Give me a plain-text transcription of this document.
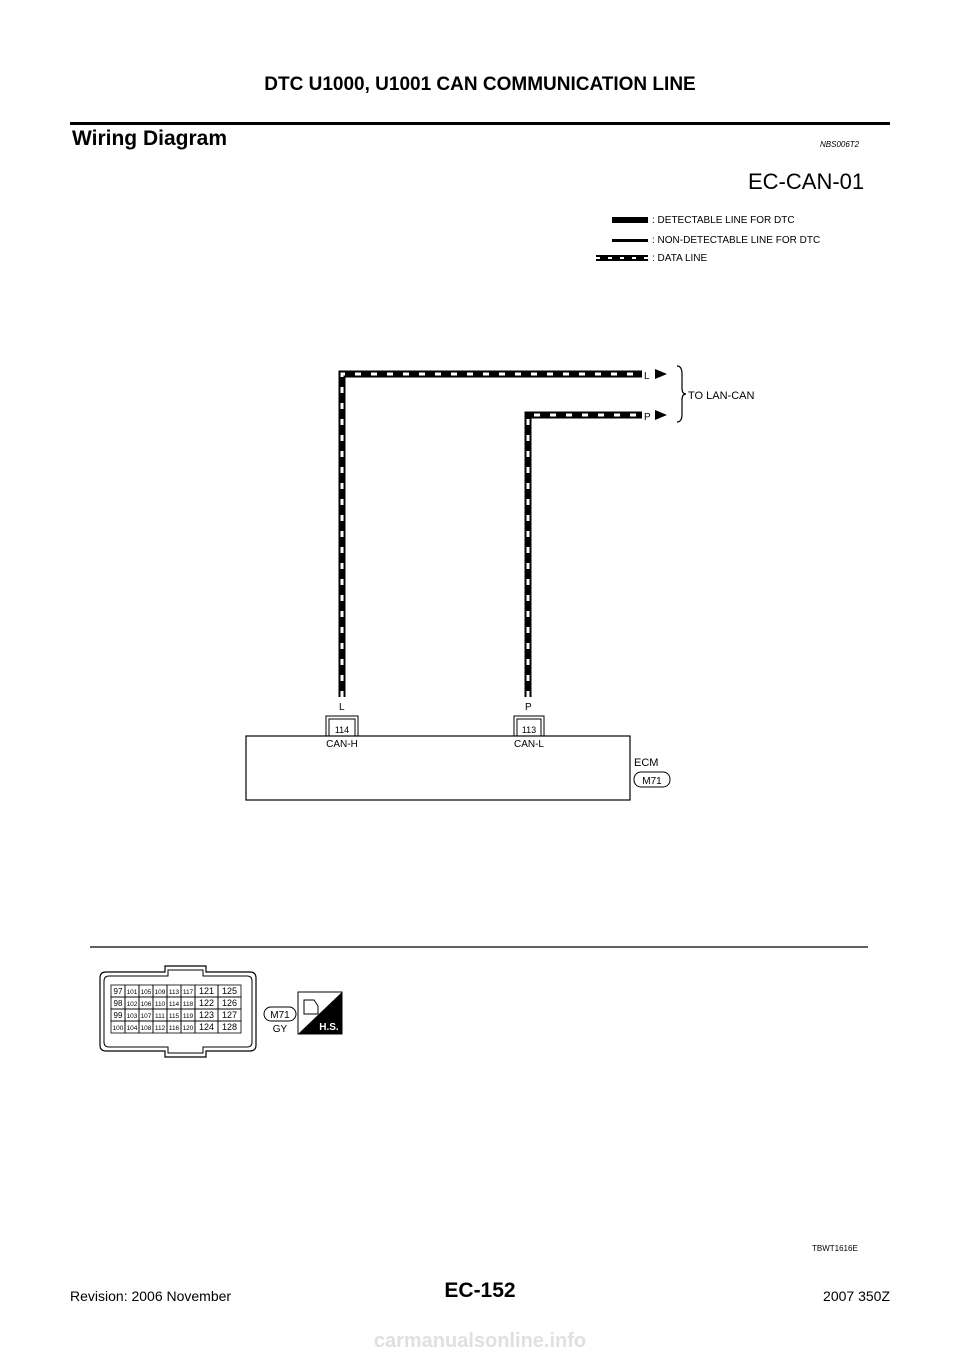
DTC U1000, U1001 CAN COMMUNICATION LINE
Wiring Diagram	NBS006T2
EC-CAN-01
: DETECTABLE LINE FOR DTC
: NON-DETECTABLE LINE FOR DTC
: DATA LINE
L
P
TO LAN-CAN
L	P
114	113
CAN-H	CAN-L
ECM
M71
97 101 105 109 113 117 121 125
98 102 106 110 114 118 122 126
99 103 107 111 115 119 123 127
100 104 108 112 116 120 124 128
M71
GY	H.S.
TBWT1616E
Revision: 2006 November	EC-152	2007 350Z
carmanualsonline.info
